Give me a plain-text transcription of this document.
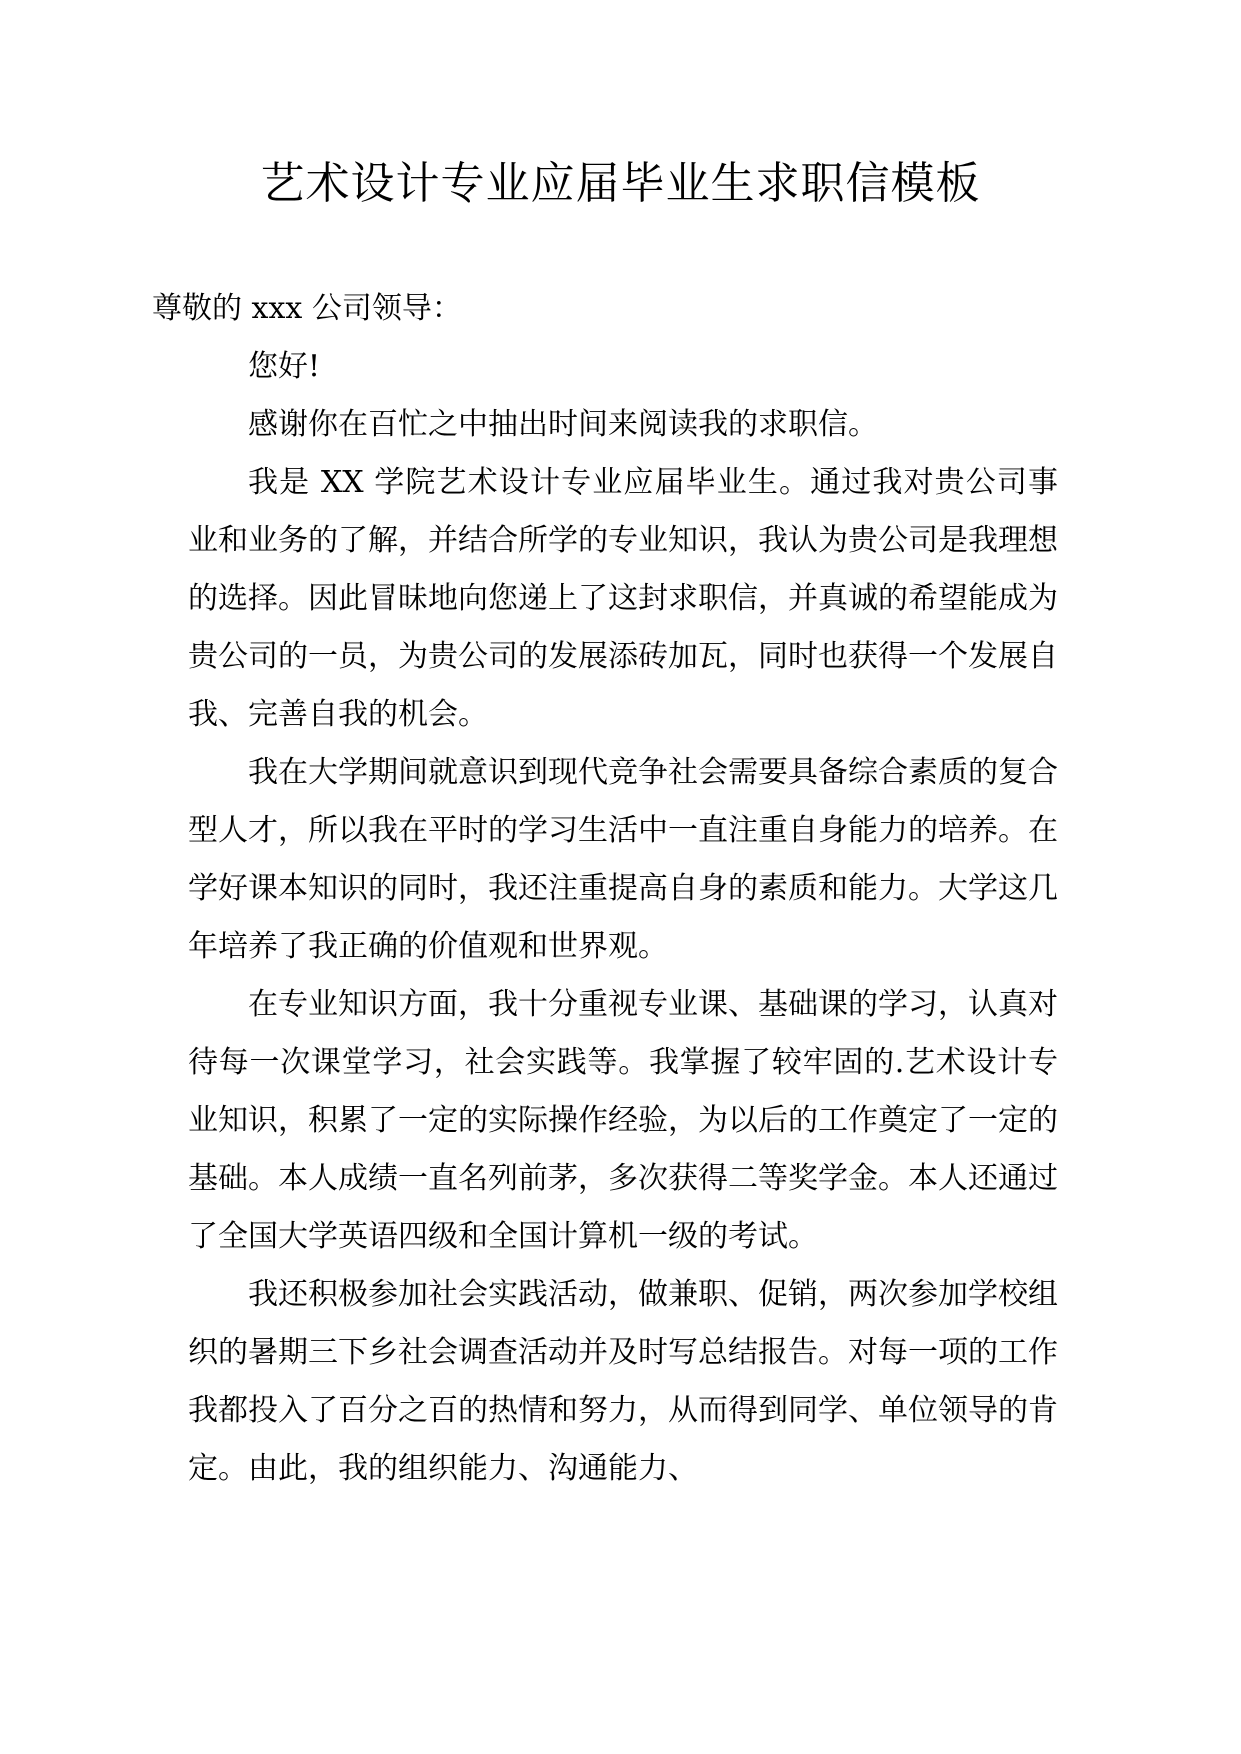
艺术设计专业应届毕业生求职信模板

尊敬的 xxx 公司领导：

您好!

感谢你在百忙之中抽出时间来阅读我的求职信。

我是 XX 学院艺术设计专业应届毕业生。通过我对贵公司事业和业务的了解，并结合所学的专业知识，我认为贵公司是我理想的选择。因此冒昧地向您递上了这封求职信，并真诚的希望能成为贵公司的一员，为贵公司的发展添砖加瓦，同时也获得一个发展自我、完善自我的机会。

我在大学期间就意识到现代竞争社会需要具备综合素质的复合型人才，所以我在平时的学习生活中一直注重自身能力的培养。在学好课本知识的同时，我还注重提高自身的素质和能力。大学这几年培养了我正确的价值观和世界观。

在专业知识方面，我十分重视专业课、基础课的学习，认真对待每一次课堂学习，社会实践等。我掌握了较牢固的.艺术设计专业知识，积累了一定的实际操作经验，为以后的工作奠定了一定的基础。本人成绩一直名列前茅，多次获得二等奖学金。本人还通过了全国大学英语四级和全国计算机一级的考试。

我还积极参加社会实践活动，做兼职、促销，两次参加学校组织的暑期三下乡社会调查活动并及时写总结报告。对每一项的工作我都投入了百分之百的热情和努力，从而得到同学、单位领导的肯定。由此，我的组织能力、沟通能力、
